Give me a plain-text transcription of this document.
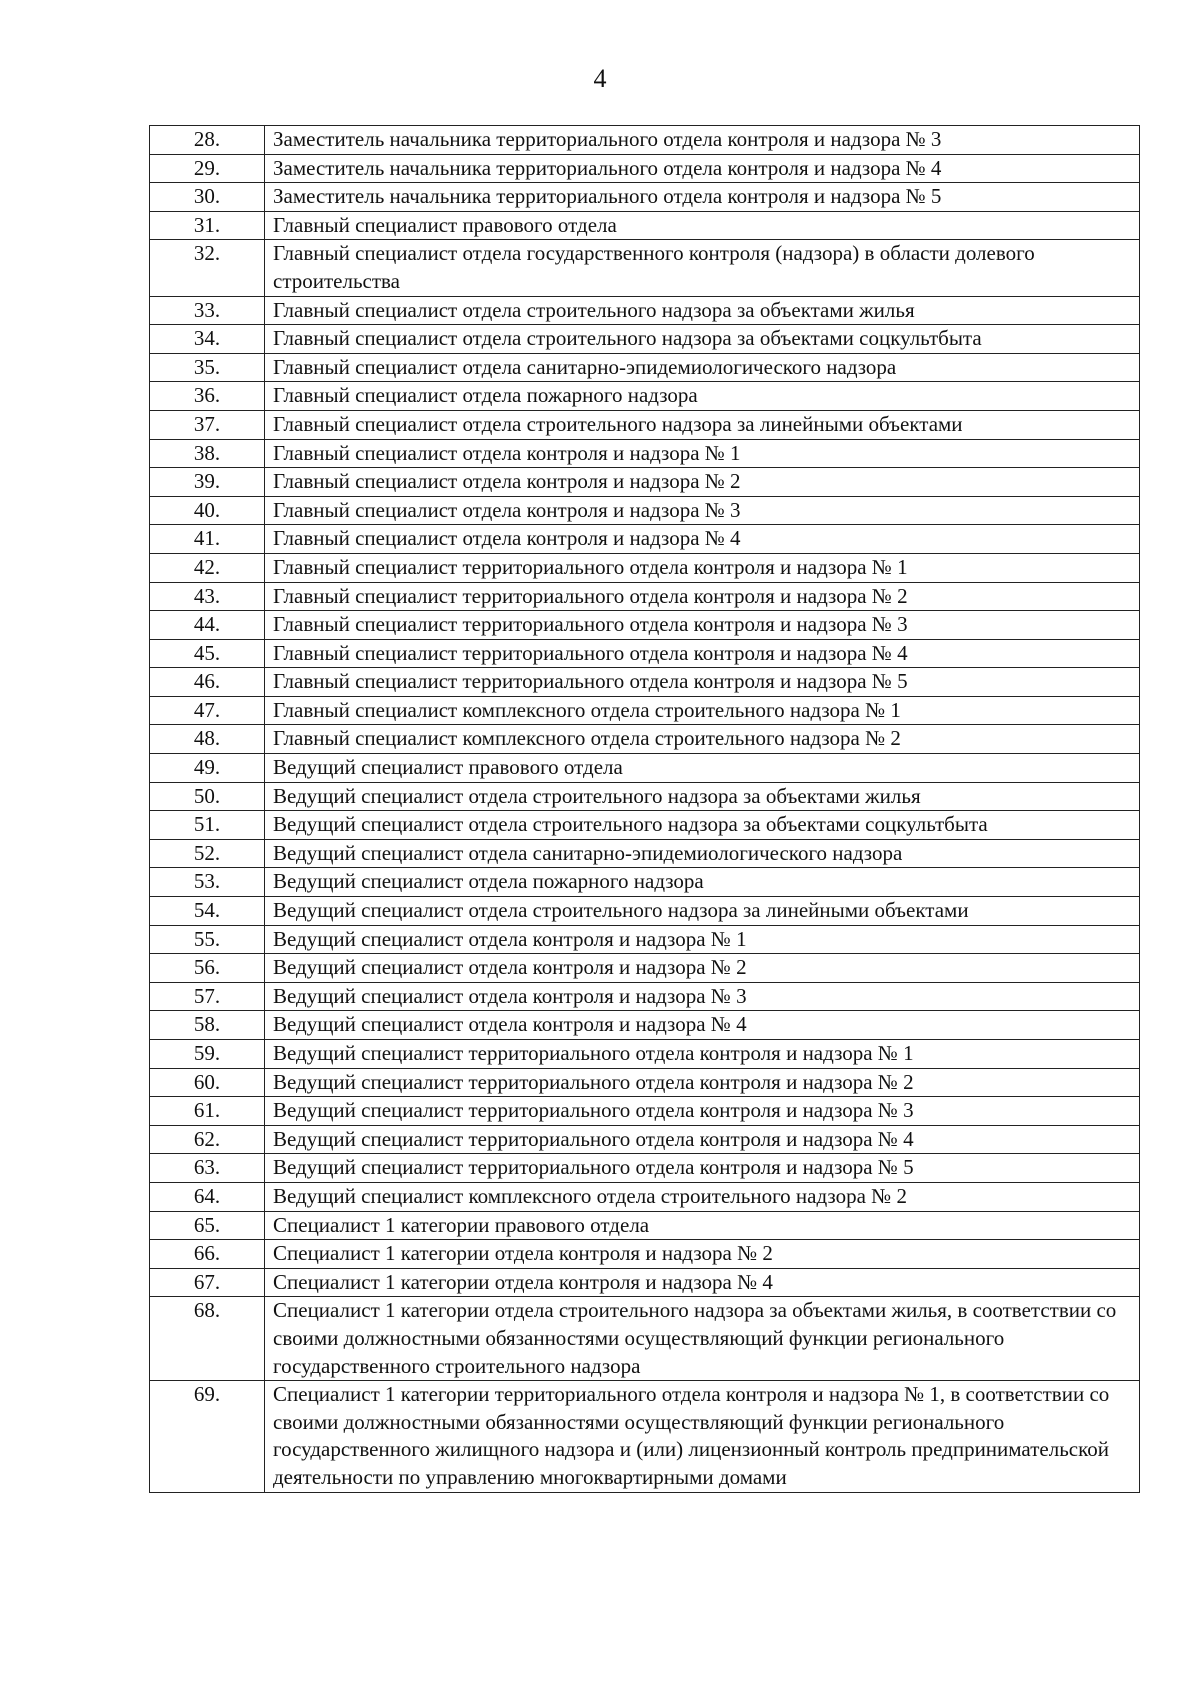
4
28.	Заместитель начальника территориального отдела контроля и надзора № 3
29.	Заместитель начальника территориального отдела контроля и надзора № 4
30.	Заместитель начальника территориального отдела контроля и надзора № 5
31.	Главный специалист правового отдела
32.	Главный специалист отдела государственного контроля (надзора) в области долевого строительства
33.	Главный специалист отдела строительного надзора за объектами жилья
34.	Главный специалист отдела строительного надзора за объектами соцкультбыта
35.	Главный специалист отдела санитарно-эпидемиологического надзора
36.	Главный специалист отдела пожарного надзора
37.	Главный специалист отдела строительного надзора за линейными объектами
38.	Главный специалист отдела контроля и надзора № 1
39.	Главный специалист отдела контроля и надзора № 2
40.	Главный специалист отдела контроля и надзора № 3
41.	Главный специалист отдела контроля и надзора № 4
42.	Главный специалист территориального отдела контроля и надзора № 1
43.	Главный специалист территориального отдела контроля и надзора № 2
44.	Главный специалист территориального отдела контроля и надзора № 3
45.	Главный специалист территориального отдела контроля и надзора № 4
46.	Главный специалист территориального отдела контроля и надзора № 5
47.	Главный специалист комплексного отдела строительного надзора № 1
48.	Главный специалист комплексного отдела строительного надзора № 2
49.	Ведущий специалист правового отдела
50.	Ведущий специалист отдела строительного надзора за объектами жилья
51.	Ведущий специалист отдела строительного надзора за объектами соцкультбыта
52.	Ведущий специалист отдела санитарно-эпидемиологического надзора
53.	Ведущий специалист отдела пожарного надзора
54.	Ведущий специалист отдела строительного надзора за линейными объектами
55.	Ведущий специалист отдела контроля и надзора № 1
56.	Ведущий специалист отдела контроля и надзора № 2
57.	Ведущий специалист отдела контроля и надзора № 3
58.	Ведущий специалист отдела контроля и надзора № 4
59.	Ведущий специалист территориального отдела контроля и надзора № 1
60.	Ведущий специалист территориального отдела контроля и надзора № 2
61.	Ведущий специалист территориального отдела контроля и надзора № 3
62.	Ведущий специалист территориального отдела контроля и надзора № 4
63.	Ведущий специалист территориального отдела контроля и надзора № 5
64.	Ведущий специалист комплексного отдела строительного надзора № 2
65.	Специалист 1 категории правового отдела
66.	Специалист 1 категории отдела контроля и надзора № 2
67.	Специалист 1 категории отдела контроля и надзора № 4
68.	Специалист 1 категории отдела строительного надзора за объектами жилья, в соответствии со своими должностными обязанностями осуществляющий функции регионального государственного строительного надзора
69.	Специалист 1 категории территориального отдела контроля и надзора № 1, в соответствии со своими должностными обязанностями осуществляющий функции регионального государственного жилищного надзора и (или) лицензионный контроль предпринимательской деятельности по управлению многоквартирными домами
